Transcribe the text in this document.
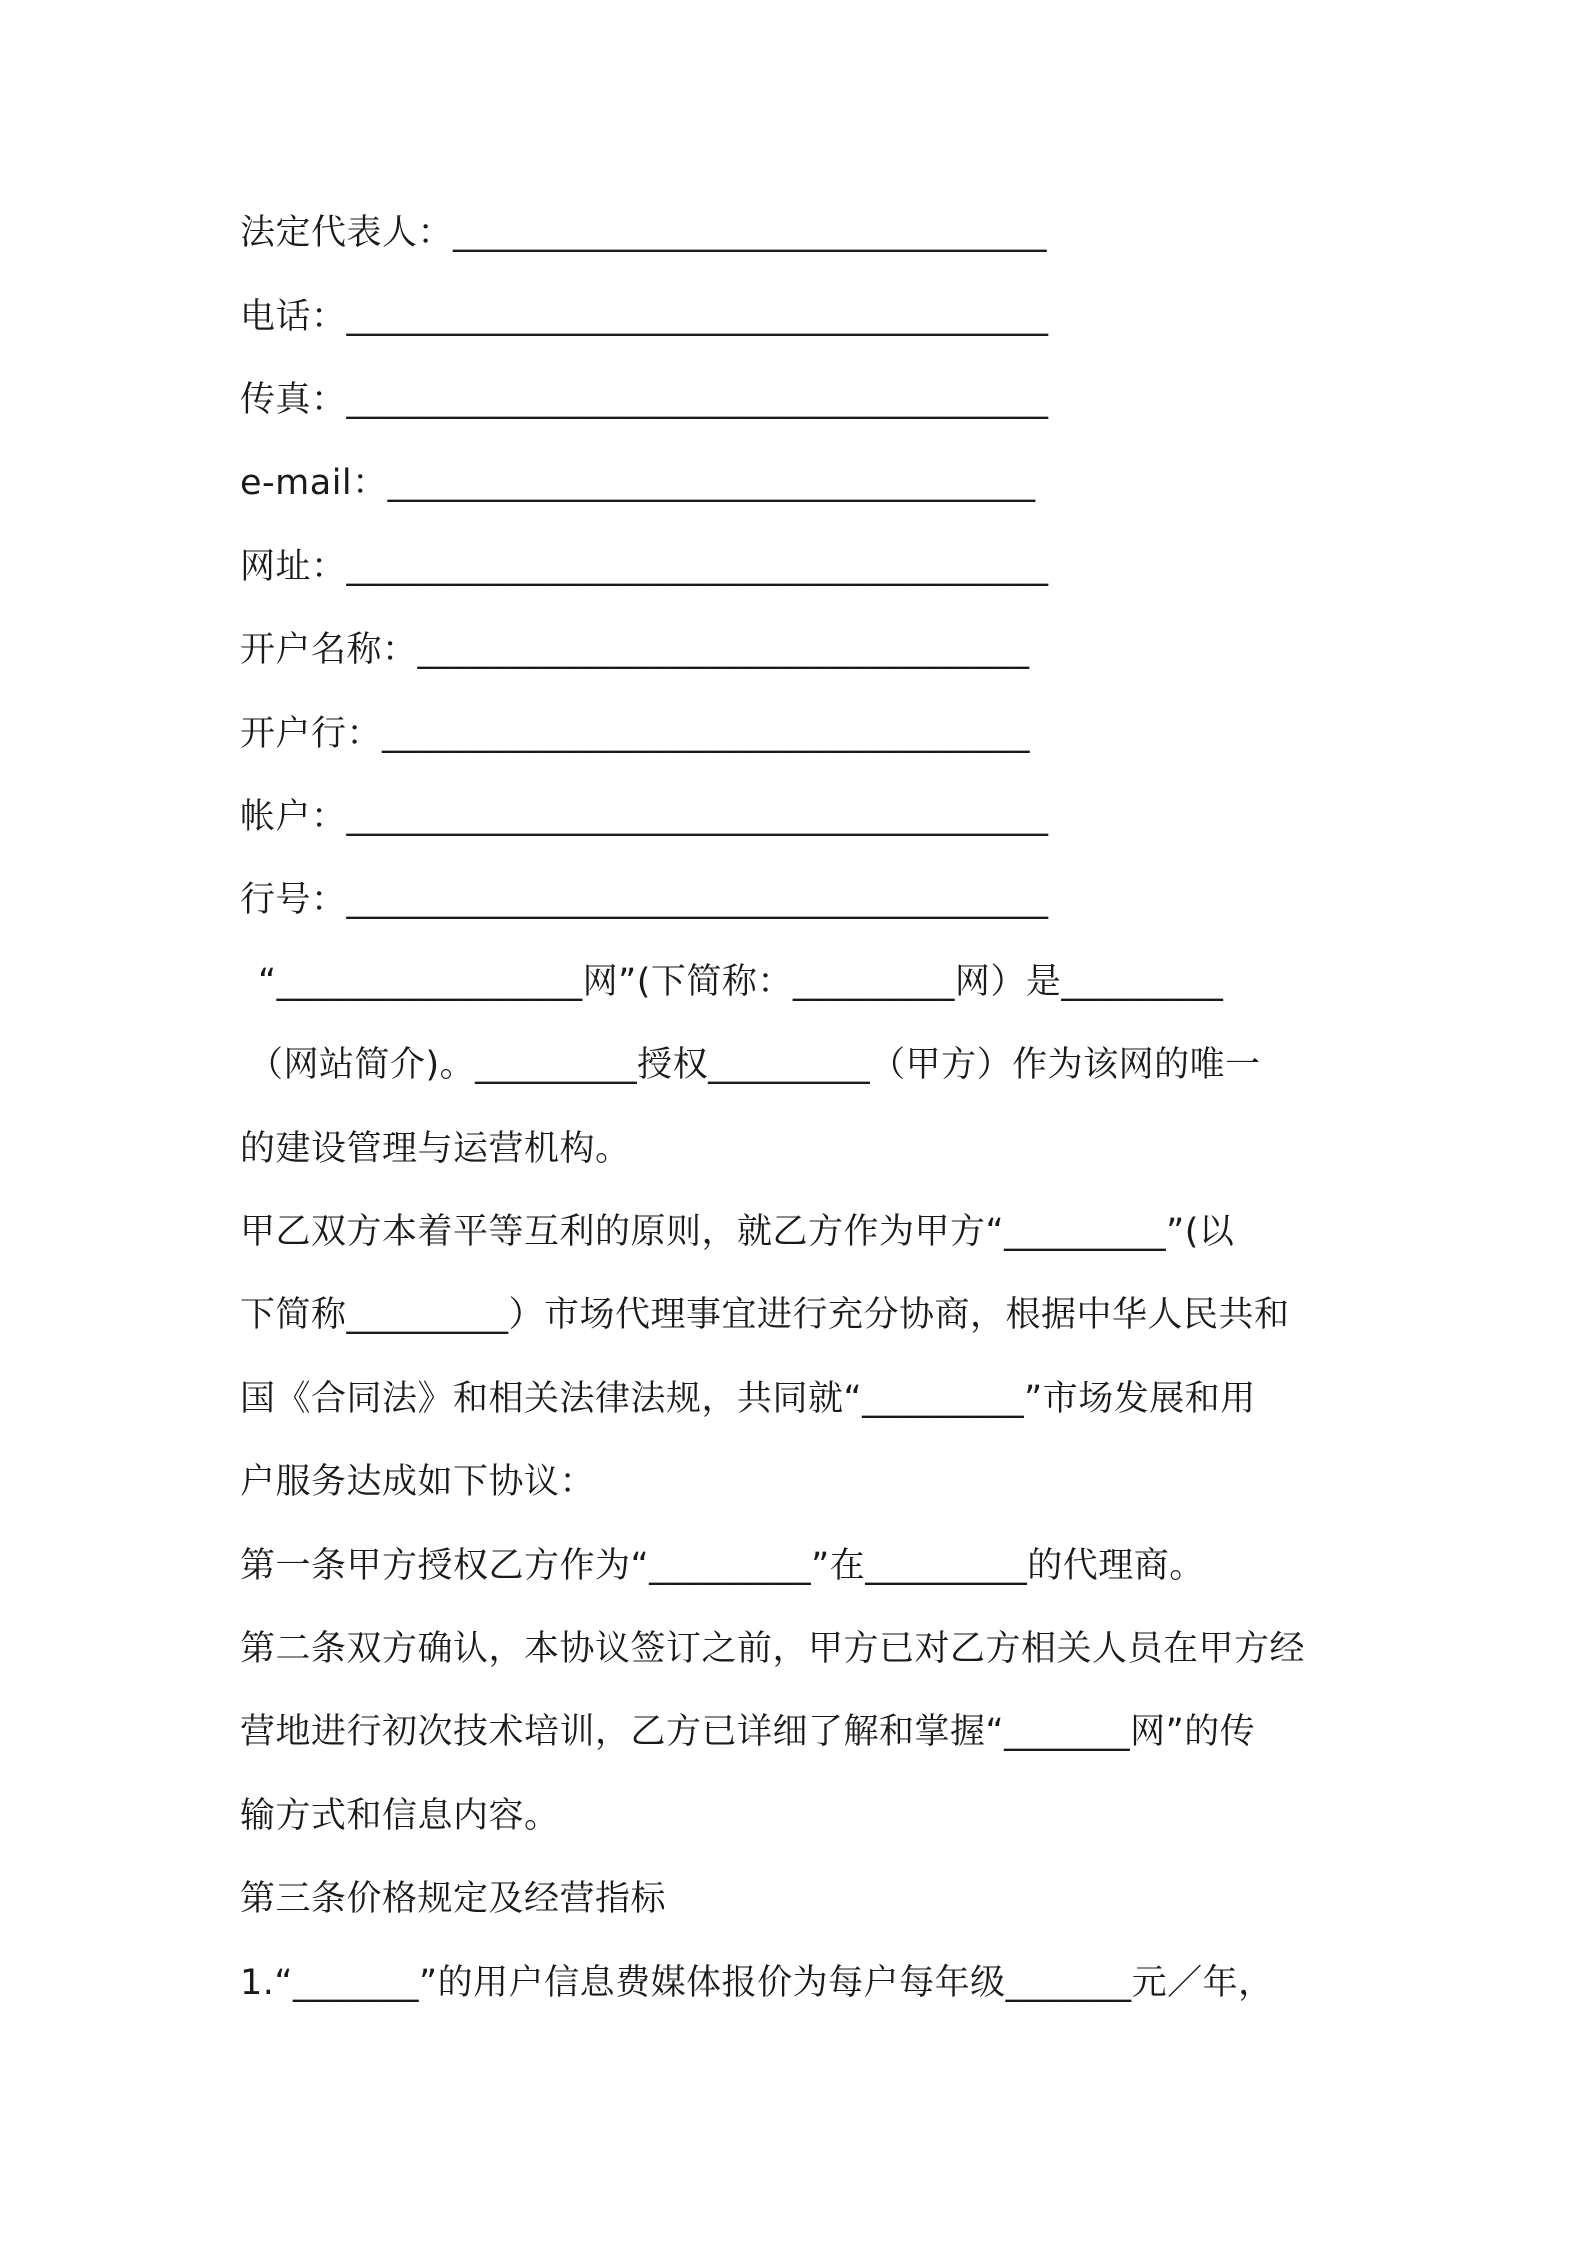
法定代表人：_________________________________
电话：_______________________________________
传真：_______________________________________
e-mail：____________________________________
网址：_______________________________________
开户名称：__________________________________
开户行：____________________________________
帐户：_______________________________________
行号：_______________________________________
“_________________网”(下简称：_________网）是_________
（网站简介)。_________授权_________（甲方）作为该网的唯一
的建设管理与运营机构。
甲乙双方本着平等互利的原则，就乙方作为甲方“_________”(以
下简称_________）市场代理事宜进行充分协商，根据中华人民共和
国《合同法》和相关法律法规，共同就“_________”市场发展和用
户服务达成如下协议：
第一条甲方授权乙方作为“_________”在_________的代理商。
第二条双方确认，本协议签订之前，甲方已对乙方相关人员在甲方经
营地进行初次技术培训，乙方已详细了解和掌握“_______网”的传
输方式和信息内容。
第三条价格规定及经营指标
1.“_______”的用户信息费媒体报价为每户每年级_______元／年，
